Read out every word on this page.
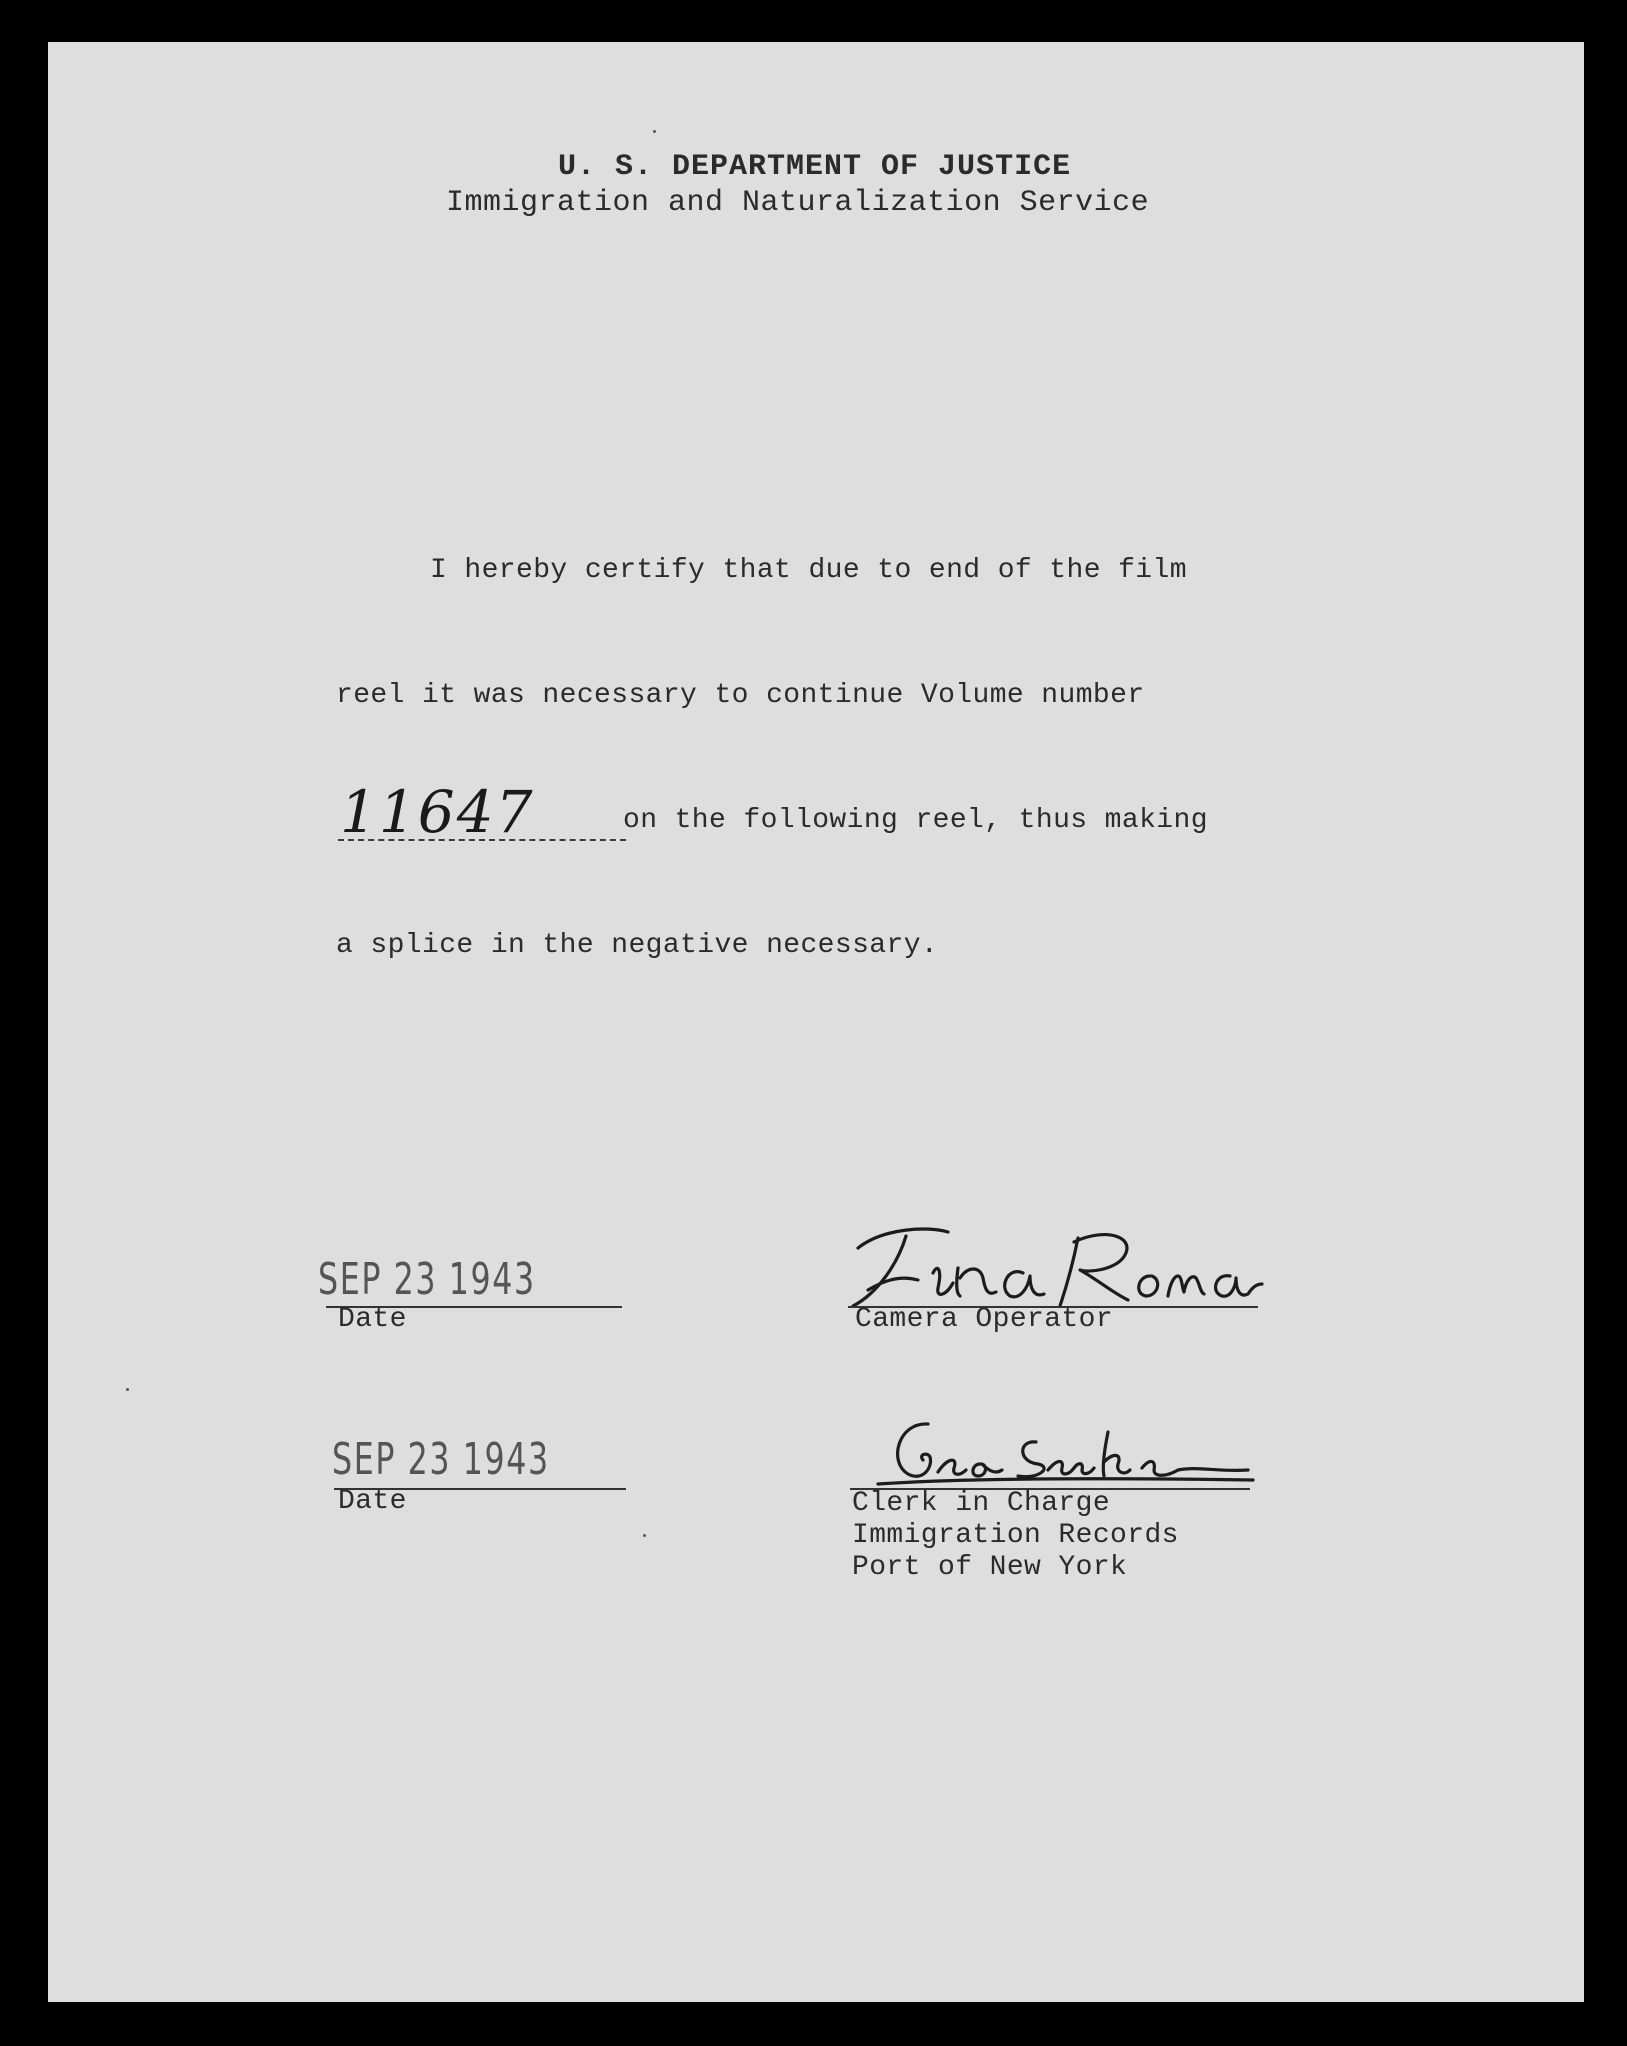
U. S. DEPARTMENT OF JUSTICE
Immigration and Naturalization Service
I hereby certify that due to end of the film
reel it was necessary to continue Volume number
11647	on the following reel, thus making
a splice in the negative necessary.
SEP 23 1943
Date	Camera Operator
SEP 23 1943
Date	Clerk in Charge
Immigration Records
Port of New York
